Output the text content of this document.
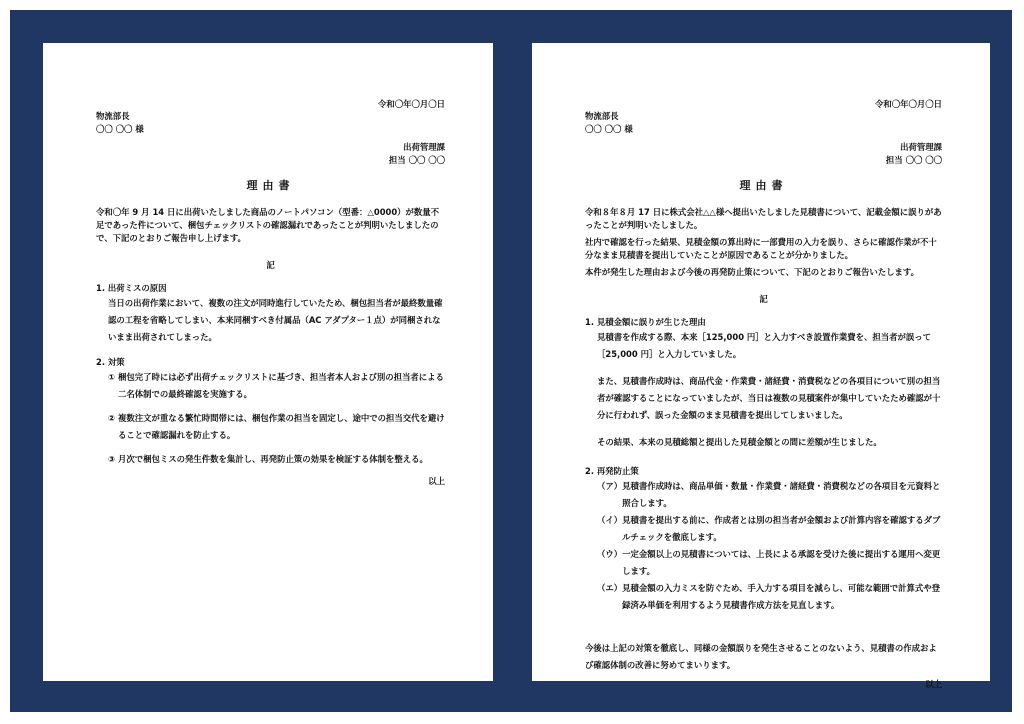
令和〇年〇月〇日
物流部長
〇〇 〇〇 様
出荷管理課
担当 〇〇 〇〇
理由書
令和〇年 9 月 14 日に出荷いたしました商品のノートパソコン（型番：△0000）が数量不足であった件について、梱包チェックリストの確認漏れであったことが判明いたしましたので、下記のとおりご報告申し上げます。
記
1. 出荷ミスの原因
当日の出荷作業において、複数の注文が同時進行していたため、梱包担当者が最終数量確認の工程を省略してしまい、本来同梱すべき付属品（AC アダプター１点）が同梱されないまま出荷されてしまった。
2. 対策
① 梱包完了時には必ず出荷チェックリストに基づき、担当者本人および別の担当者による二名体制での最終確認を実施する。
② 複数注文が重なる繁忙時間帯には、梱包作業の担当を固定し、途中での担当交代を避けることで確認漏れを防止する。
③ 月次で梱包ミスの発生件数を集計し、再発防止策の効果を検証する体制を整える。
以上
令和〇年〇月〇日
物流部長
〇〇 〇〇 様
出荷管理課
担当 〇〇 〇〇
理由書
令和８年８月 17 日に株式会社△△様へ提出いたしました見積書について、記載金額に誤りがあったことが判明いたしました。
社内で確認を行った結果、見積金額の算出時に一部費用の入力を誤り、さらに確認作業が不十分なまま見積書を提出していたことが原因であることが分かりました。
本件が発生した理由および今後の再発防止策について、下記のとおりご報告いたします。
記
1. 見積金額に誤りが生じた理由
見積書を作成する際、本来［125,000 円］と入力すべき設置作業費を、担当者が誤って［25,000 円］と入力していました。
また、見積書作成時は、商品代金・作業費・諸経費・消費税などの各項目について別の担当者が確認することになっていましたが、当日は複数の見積案件が集中していたため確認が十分に行われず、誤った金額のまま見積書を提出してしまいました。
その結果、本来の見積総額と提出した見積金額との間に差額が生じました。
2. 再発防止策
（ア） 見積書作成時は、商品単価・数量・作業費・諸経費・消費税などの各項目を元資料と照合します。
（イ） 見積書を提出する前に、作成者とは別の担当者が金額および計算内容を確認するダブルチェックを徹底します。
（ウ） 一定金額以上の見積書については、上長による承認を受けた後に提出する運用へ変更します。
（エ） 見積金額の入力ミスを防ぐため、手入力する項目を減らし、可能な範囲で計算式や登録済み単価を利用するよう見積書作成方法を見直します。
今後は上記の対策を徹底し、同様の金額誤りを発生させることのないよう、見積書の作成および確認体制の改善に努めてまいります。
以上
